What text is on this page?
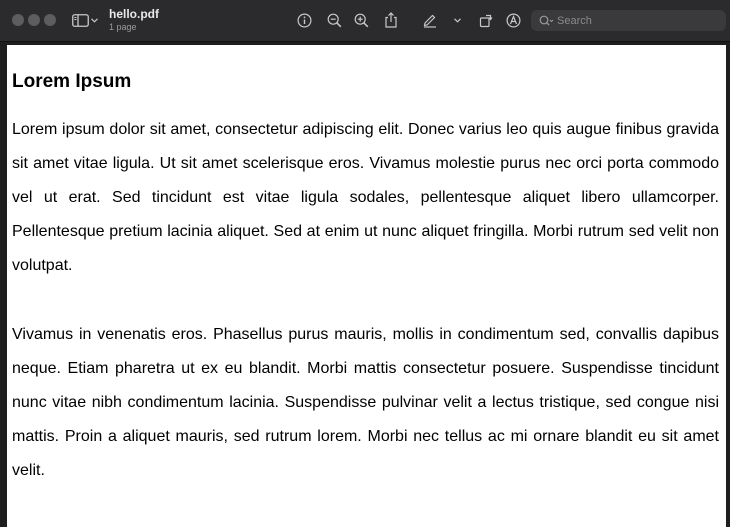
hello.pdf
1 page
Search
Lorem Ipsum

Lorem ipsum dolor sit amet, consectetur adipiscing elit. Donec varius leo quis augue finibus gravida sit amet vitae ligula. Ut sit amet scelerisque eros. Vivamus molestie purus nec orci porta commodo vel ut erat. Sed tincidunt est vitae ligula sodales, pellentesque aliquet libero ullamcorper. Pellentesque pretium lacinia aliquet. Sed at enim ut nunc aliquet fringilla. Morbi rutrum sed velit non volutpat.

Vivamus in venenatis eros. Phasellus purus mauris, mollis in condimentum sed, convallis dapibus neque. Etiam pharetra ut ex eu blandit. Morbi mattis consectetur posuere. Suspendisse tincidunt nunc vitae nibh condimentum lacinia. Suspendisse pulvinar velit a lectus tristique, sed congue nisi mattis. Proin a aliquet mauris, sed rutrum lorem. Morbi nec tellus ac mi ornare blandit eu sit amet velit.
